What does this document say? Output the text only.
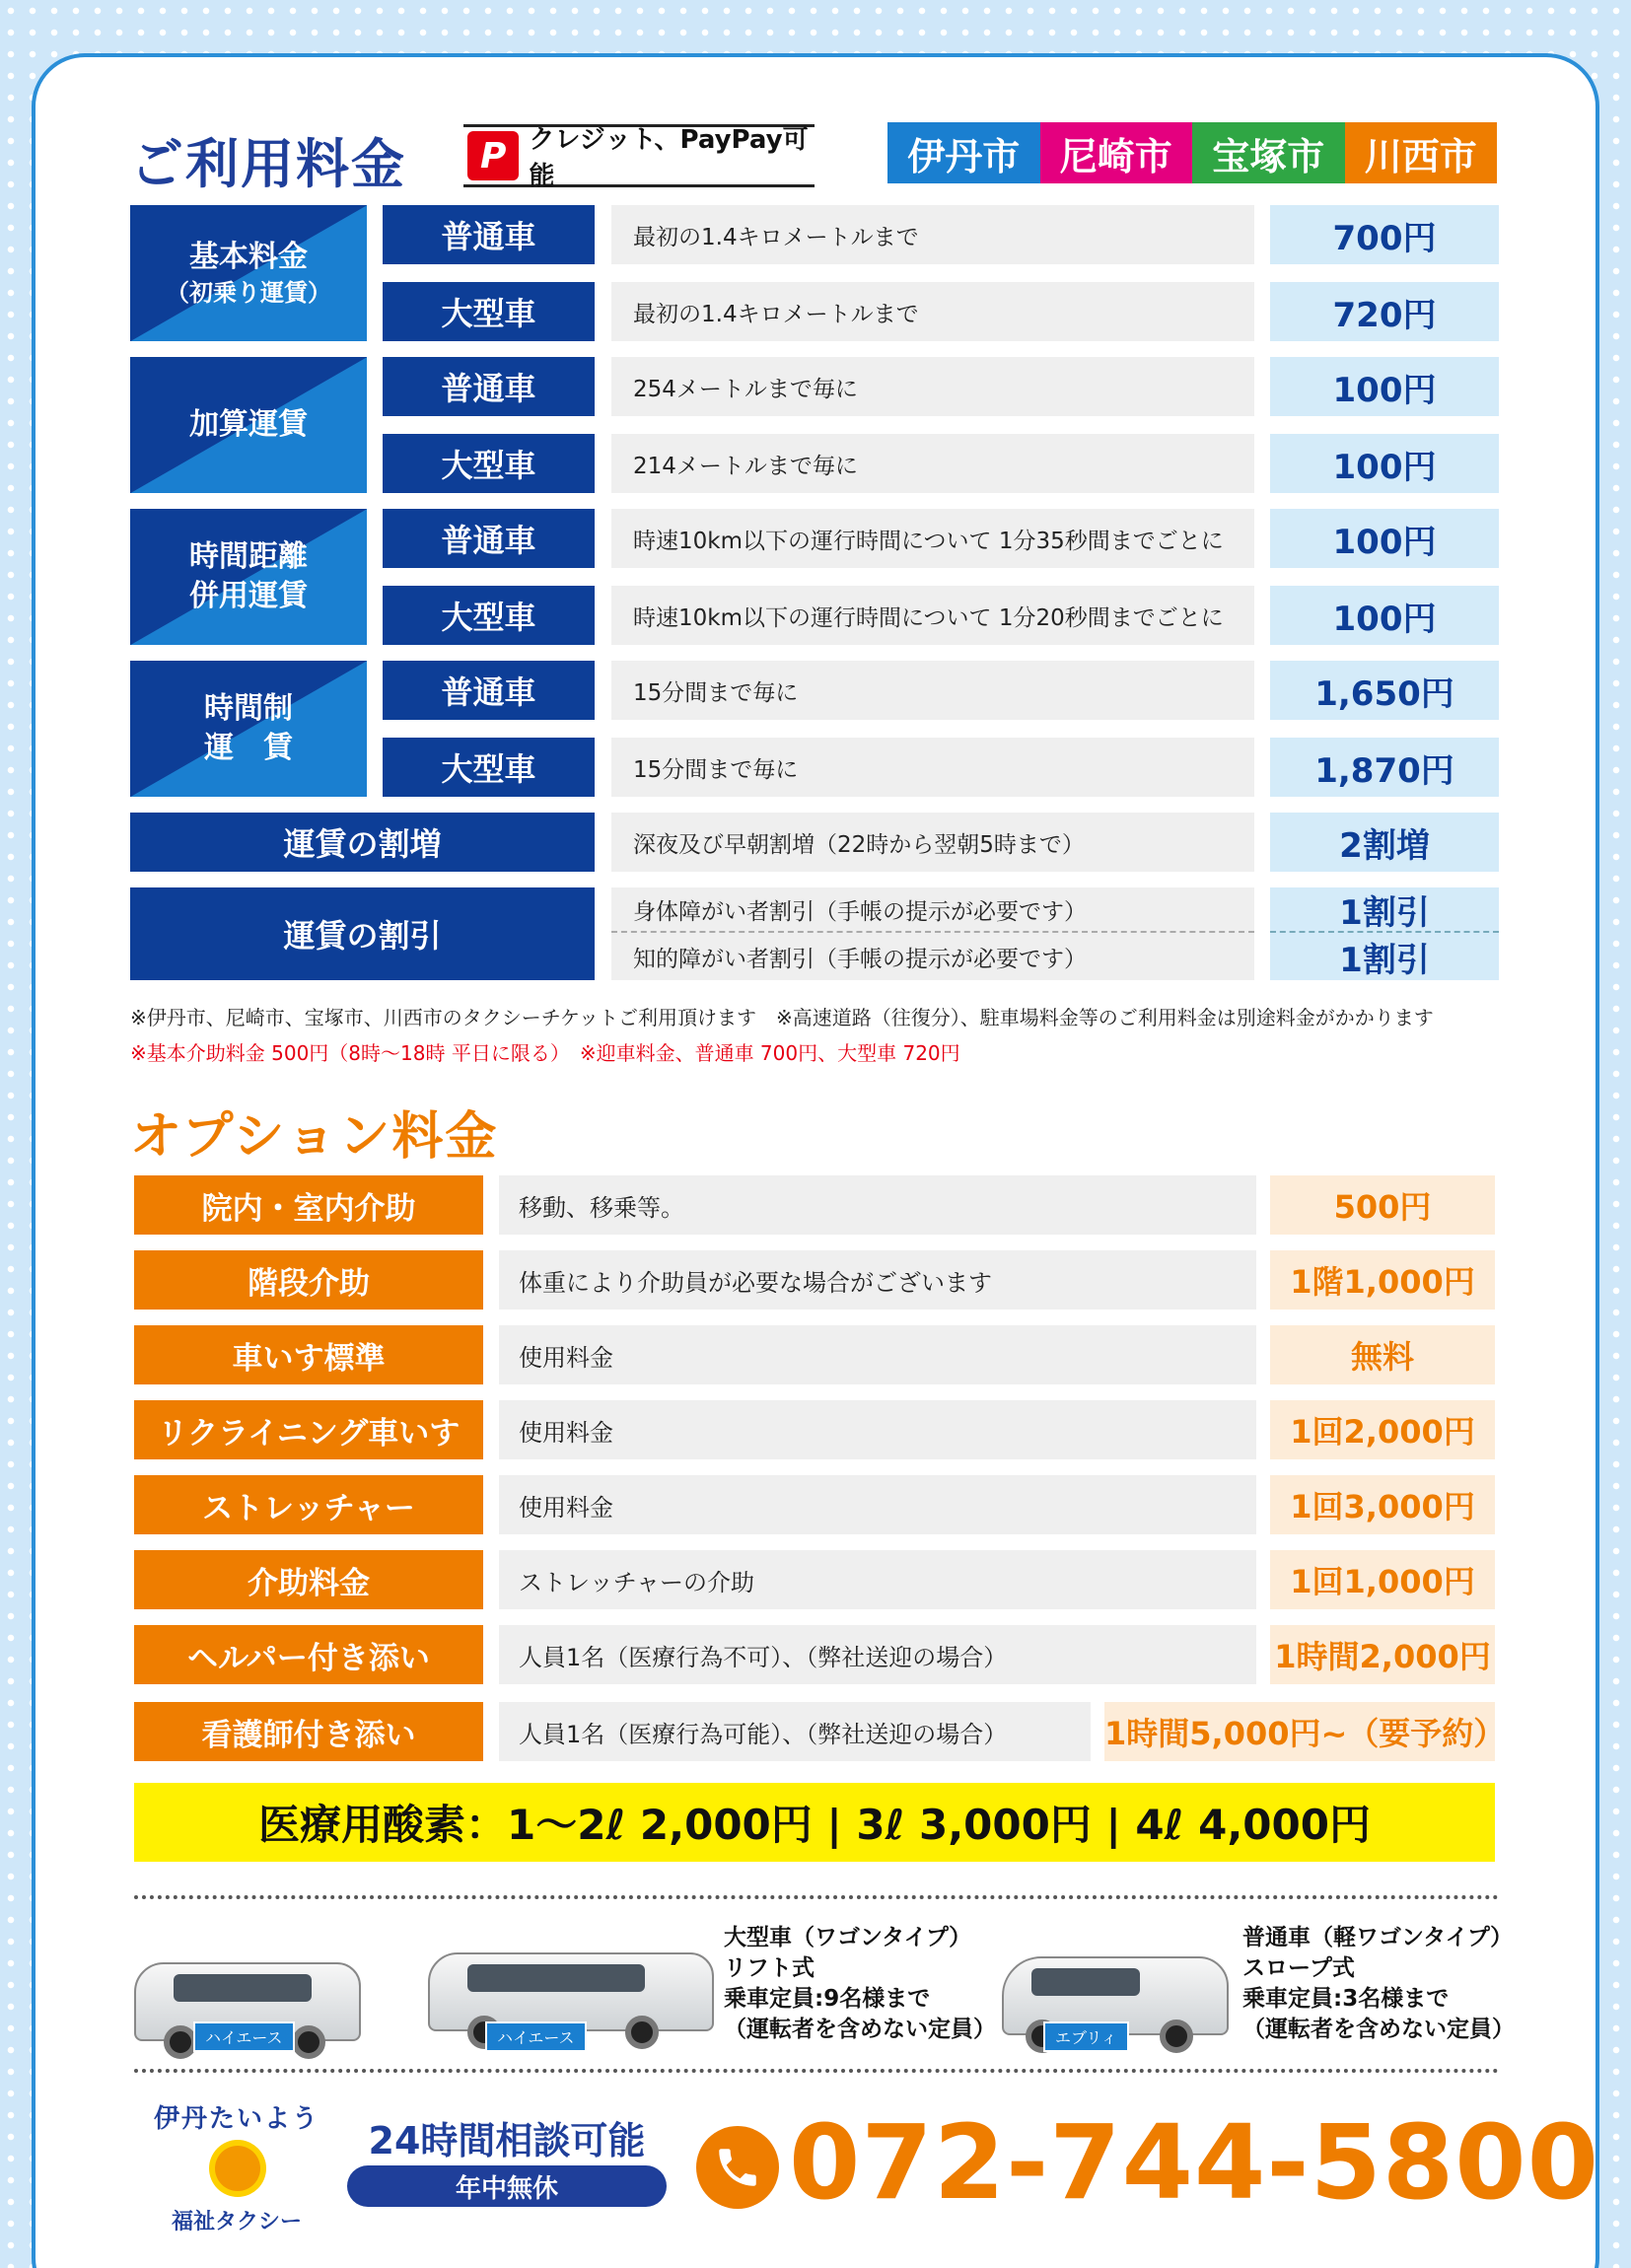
ご利用料金	P クレジット、PayPay可能	伊丹市	尼崎市	宝塚市	川西市
基本料金
（初乗り運賃）
普通車	最初の1.4キロメートルまで	700円
大型車	最初の1.4キロメートルまで	720円
加算運賃
普通車	254メートルまで毎に	100円
大型車	214メートルまで毎に	100円
時間距離
併用運賃
普通車	時速10km以下の運行時間について 1分35秒間までごとに	100円
大型車	時速10km以下の運行時間について 1分20秒間までごとに	100円
時間制
運　賃
普通車	15分間まで毎に	1,650円
大型車	15分間まで毎に	1,870円
運賃の割増	深夜及び早朝割増（22時から翌朝5時まで）	2割増
運賃の割引
身体障がい者割引（手帳の提示が必要です）	1割引
知的障がい者割引（手帳の提示が必要です）	1割引
※伊丹市、尼崎市、宝塚市、川西市のタクシーチケットご利用頂けます　※高速道路（往復分）、駐車場料金等のご利用料金は別途料金がかかります
※基本介助料金 500円（8時～18時 平日に限る）　※迎車料金、普通車 700円、大型車 720円
オプション料金
院内・室内介助	移動、移乗等。	500円
階段介助	体重により介助員が必要な場合がございます	1階1,000円
車いす標準	使用料金	無料
リクライニング車いす	使用料金	1回2,000円
ストレッチャー	使用料金	1回3,000円
介助料金	ストレッチャーの介助	1回1,000円
ヘルパー付き添い	人員1名（医療行為不可）、（弊社送迎の場合）	1時間2,000円
看護師付き添い	人員1名（医療行為可能）、（弊社送迎の場合）	1時間5,000円~（要予約）
医療用酸素：1～2ℓ 2,000円 | 3ℓ 3,000円 | 4ℓ 4,000円
ハイエース	ハイエース
大型車（ワゴンタイプ）
リフト式
乗車定員:9名様まで
（運転者を含めない定員）	エブリィ
普通車（軽ワゴンタイプ）
スロープ式
乗車定員:3名様まで
（運転者を含めない定員）
伊丹たいよう
福祉タクシー
24時間相談可能
年中無休	072-744-5800
